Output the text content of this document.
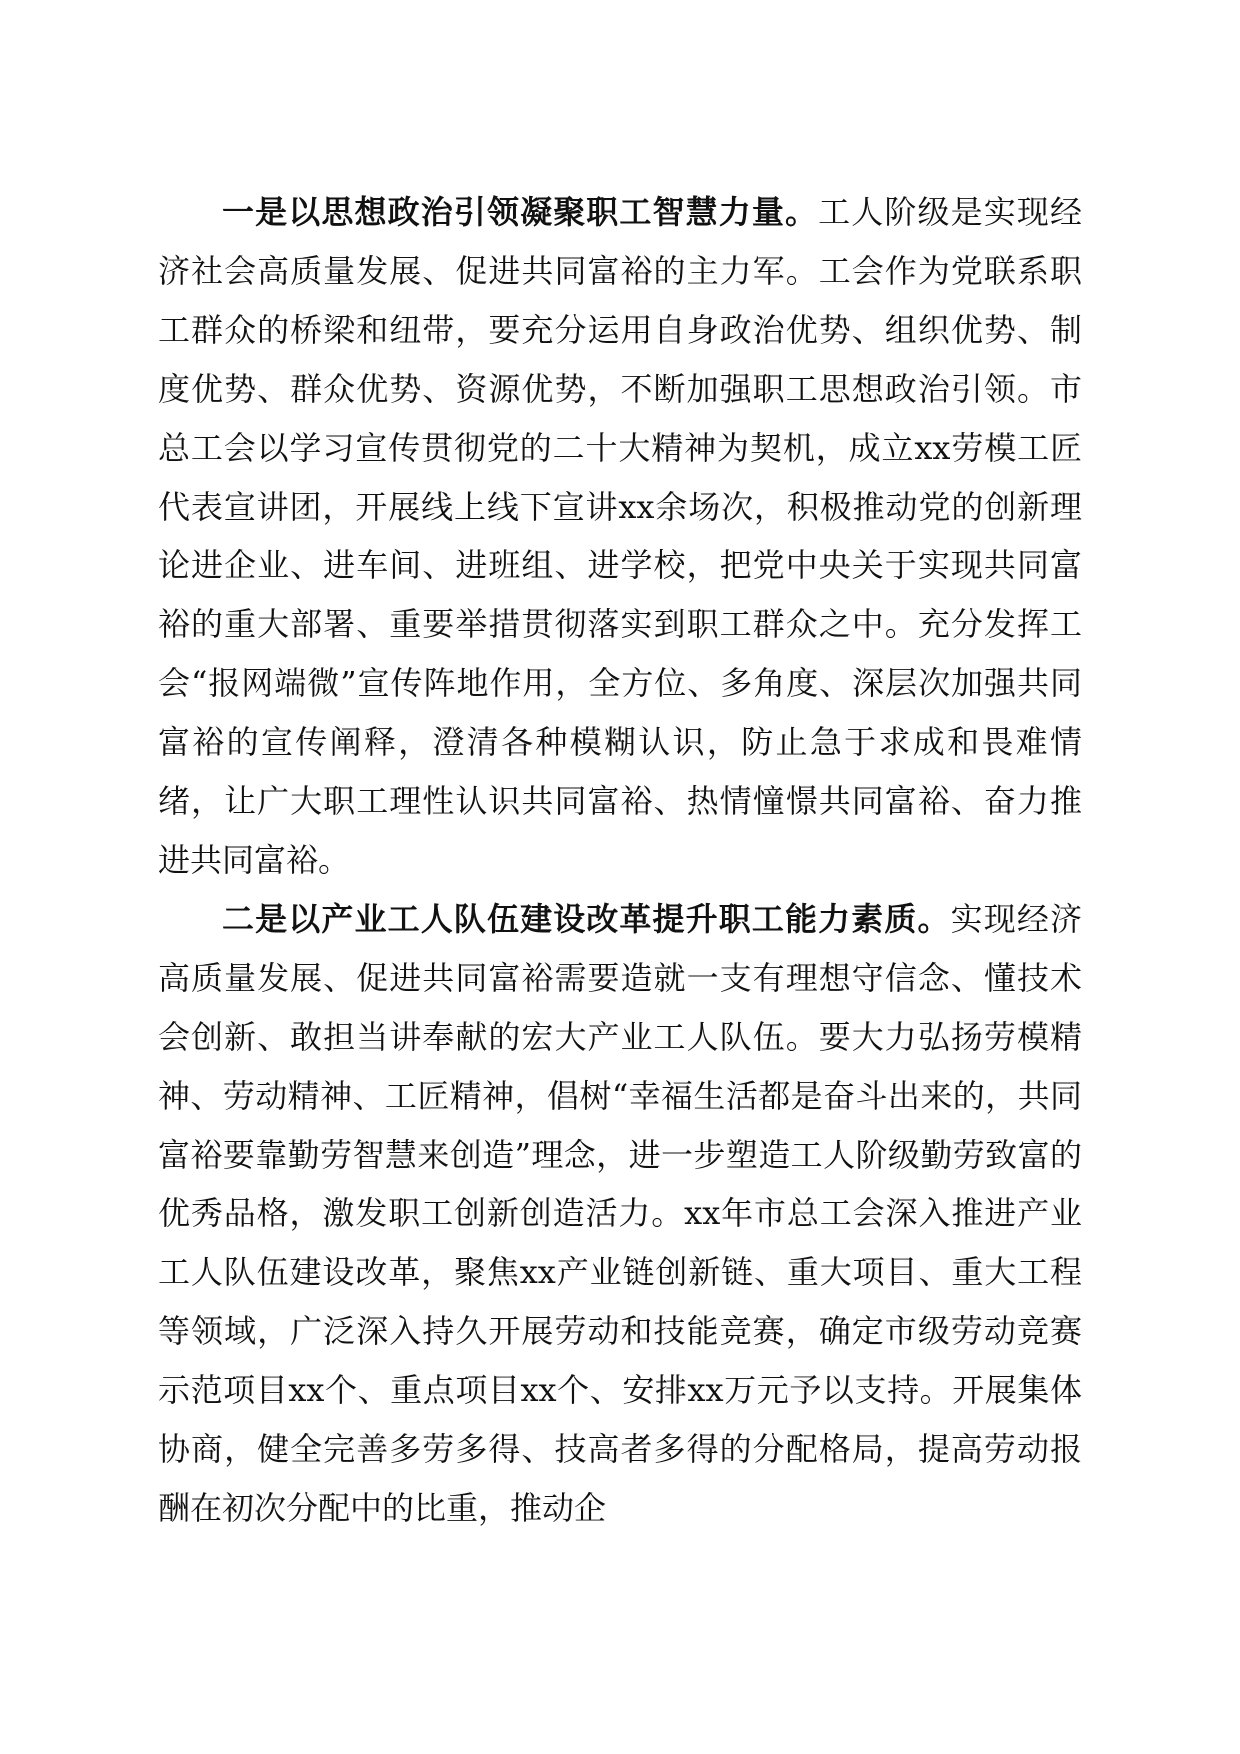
一是以思想政治引领凝聚职工智慧力量。工人阶级是实现经济社会高质量发展、促进共同富裕的主力军。工会作为党联系职工群众的桥梁和纽带，要充分运用自身政治优势、组织优势、制度优势、群众优势、资源优势，不断加强职工思想政治引领。市总工会以学习宣传贯彻党的二十大精神为契机，成立xx劳模工匠代表宣讲团，开展线上线下宣讲xx余场次，积极推动党的创新理论进企业、进车间、进班组、进学校，把党中央关于实现共同富裕的重大部署、重要举措贯彻落实到职工群众之中。充分发挥工会“报网端微”宣传阵地作用，全方位、多角度、深层次加强共同富裕的宣传阐释，澄清各种模糊认识，防止急于求成和畏难情绪，让广大职工理性认识共同富裕、热情憧憬共同富裕、奋力推进共同富裕。

二是以产业工人队伍建设改革提升职工能力素质。实现经济高质量发展、促进共同富裕需要造就一支有理想守信念、懂技术会创新、敢担当讲奉献的宏大产业工人队伍。要大力弘扬劳模精神、劳动精神、工匠精神，倡树“幸福生活都是奋斗出来的，共同富裕要靠勤劳智慧来创造”理念，进一步塑造工人阶级勤劳致富的优秀品格，激发职工创新创造活力。xx年市总工会深入推进产业工人队伍建设改革，聚焦xx产业链创新链、重大项目、重大工程等领域，广泛深入持久开展劳动和技能竞赛，确定市级劳动竞赛示范项目xx个、重点项目xx个、安排xx万元予以支持。开展集体协商，健全完善多劳多得、技高者多得的分配格局，提高劳动报酬在初次分配中的比重，推动企
